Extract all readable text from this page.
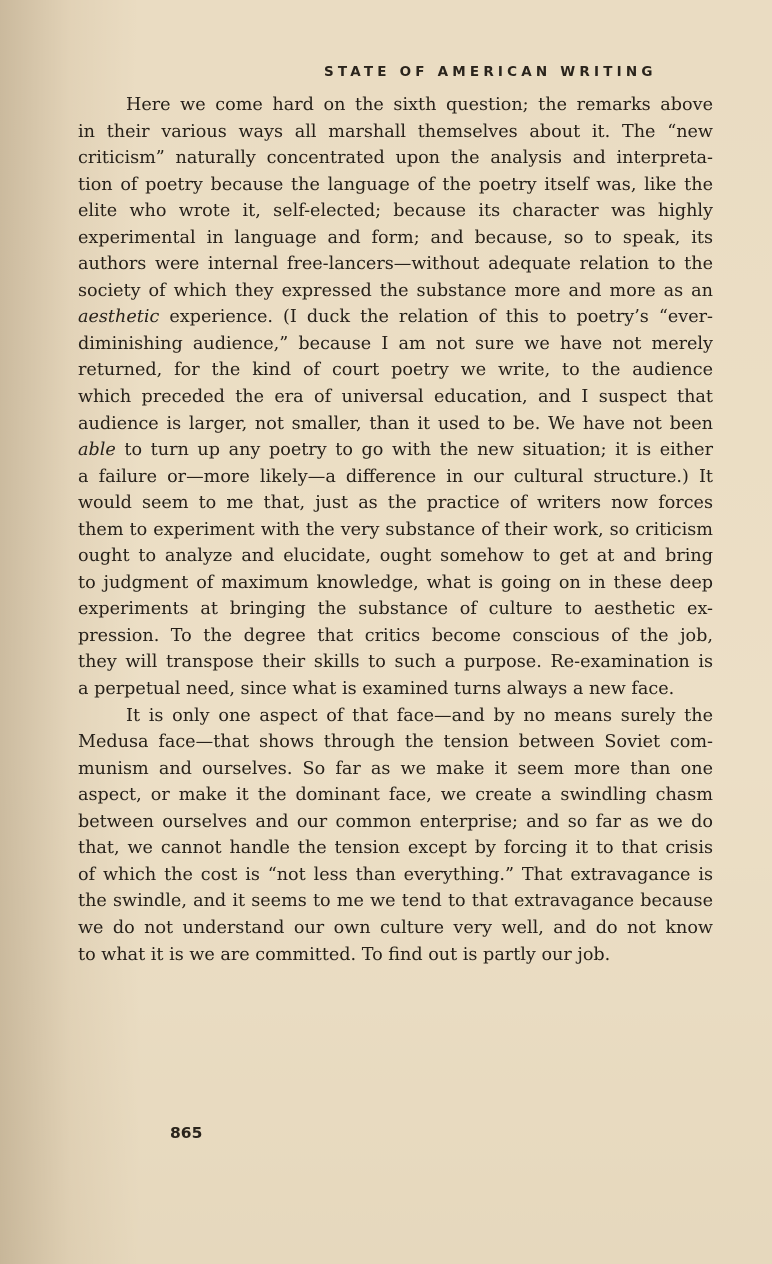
STATE OF AMERICAN WRITING

Here we come hard on the sixth question; the remarks above
in their various ways all marshall themselves about it. The “new
criticism” naturally concentrated upon the analysis and interpreta-
tion of poetry because the language of the poetry itself was, like the
elite who wrote it, self-elected; because its character was highly
experimental in language and form; and because, so to speak, its
authors were internal free-lancers—without adequate relation to the
society of which they expressed the substance more and more as an
aesthetic experience. (I duck the relation of this to poetry’s “ever-
diminishing audience,” because I am not sure we have not merely
returned, for the kind of court poetry we write, to the audience
which preceded the era of universal education, and I suspect that
audience is larger, not smaller, than it used to be. We have not been
able to turn up any poetry to go with the new situation; it is either
a failure or—more likely—a difference in our cultural structure.) It
would seem to me that, just as the practice of writers now forces
them to experiment with the very substance of their work, so criticism
ought to analyze and elucidate, ought somehow to get at and bring
to judgment of maximum knowledge, what is going on in these deep
experiments at bringing the substance of culture to aesthetic ex-
pression. To the degree that critics become conscious of the job,
they will transpose their skills to such a purpose. Re-examination is
a perpetual need, since what is examined turns always a new face.

It is only one aspect of that face—and by no means surely the
Medusa face—that shows through the tension between Soviet com-
munism and ourselves. So far as we make it seem more than one
aspect, or make it the dominant face, we create a swindling chasm
between ourselves and our common enterprise; and so far as we do
that, we cannot handle the tension except by forcing it to that crisis
of which the cost is “not less than everything.” That extravagance is
the swindle, and it seems to me we tend to that extravagance because
we do not understand our own culture very well, and do not know
to what it is we are committed. To find out is partly our job.

865
